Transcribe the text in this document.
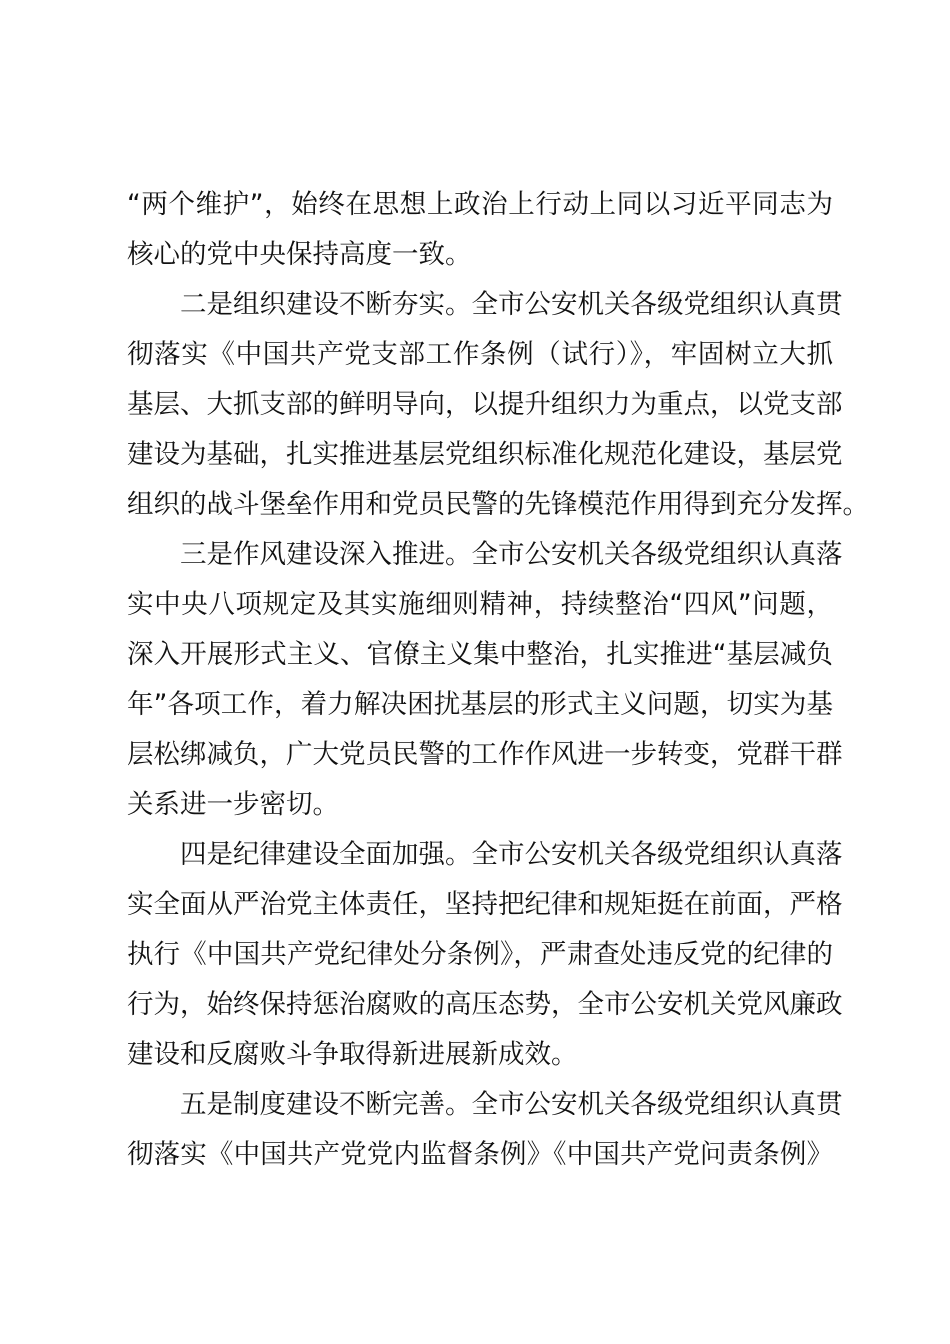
“两个维护”，始终在思想上政治上行动上同以习近平同志为
核心的党中央保持高度一致。
二是组织建设不断夯实。全市公安机关各级党组织认真贯
彻落实《中国共产党支部工作条例（试行）》，牢固树立大抓
基层、大抓支部的鲜明导向，以提升组织力为重点，以党支部
建设为基础，扎实推进基层党组织标准化规范化建设，基层党
组织的战斗堡垒作用和党员民警的先锋模范作用得到充分发挥。
三是作风建设深入推进。全市公安机关各级党组织认真落
实中央八项规定及其实施细则精神，持续整治“四风”问题，
深入开展形式主义、官僚主义集中整治，扎实推进“基层减负
年”各项工作，着力解决困扰基层的形式主义问题，切实为基
层松绑减负，广大党员民警的工作作风进一步转变，党群干群
关系进一步密切。
四是纪律建设全面加强。全市公安机关各级党组织认真落
实全面从严治党主体责任，坚持把纪律和规矩挺在前面，严格
执行《中国共产党纪律处分条例》，严肃查处违反党的纪律的
行为，始终保持惩治腐败的高压态势，全市公安机关党风廉政
建设和反腐败斗争取得新进展新成效。
五是制度建设不断完善。全市公安机关各级党组织认真贯
彻落实《中国共产党党内监督条例》《中国共产党问责条例》
